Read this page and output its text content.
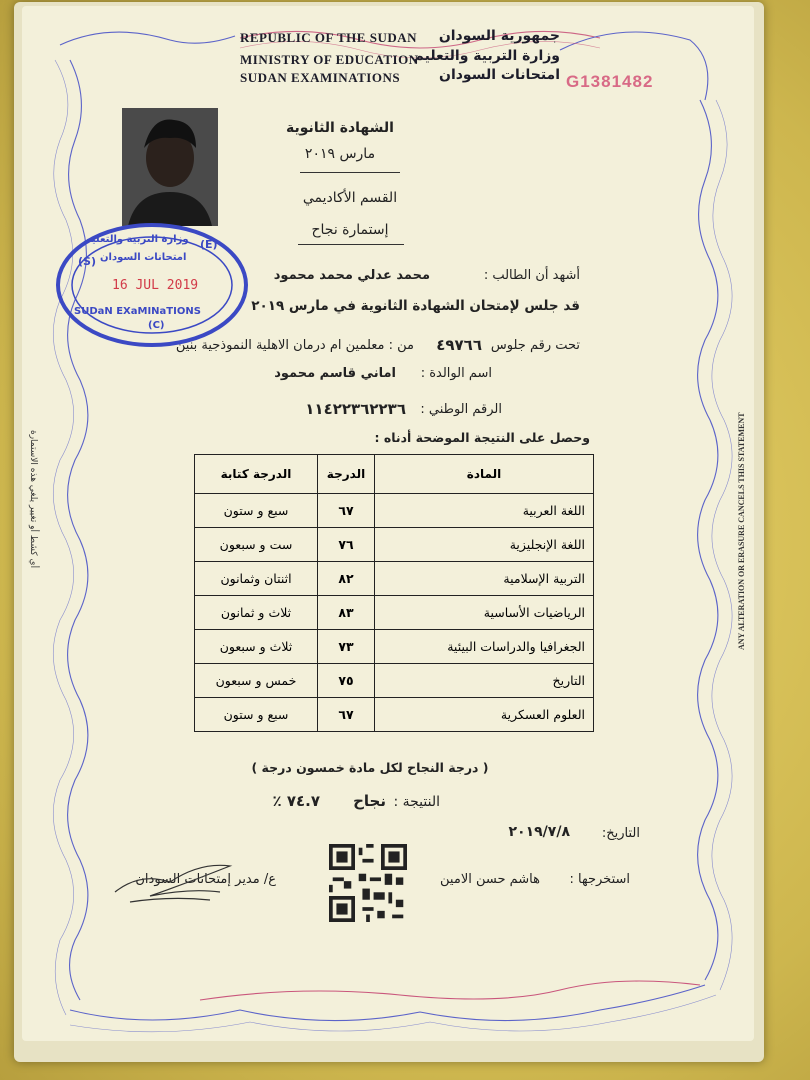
REPUBLIC OF THE SUDAN
MINISTRY OF EDUCATION
SUDAN EXAMINATIONS
جمهورية السودان
وزارة التربية والتعليم
امتحانات السودان G1381482
الشهادة الثانوية
مارس ٢٠١٩
القسم الأكاديمي
إستمارة نجاح
وزارة التربية والتعليم (E)
(S) امتحانات السودان
16 JUL 2019
SUDaN EXaMINaTIONS
(C)
أشهد أن الطالب :
محمد عدلي محمد محمود
قد جلس لإمتحان الشهادة الثانوية في مارس ٢٠١٩
تحت رقم جلوس
٤٩٧٦٦
من : معلمين ام درمان الاهلية النموذجية بنين
اسم الوالدة :
اماني قاسم محمود
الرقم الوطني :
١١٤٢٢٣٦٢٢٣٦
وحصل على النتيجة الموضحة أدناه :
المادة	الدرجة	الدرجة كتابة
اللغة العربية	٦٧	سبع و ستون
اللغة الإنجليزية	٧٦	ست و سبعون
التربية الإسلامية	٨٢	اثنتان وثمانون
الرياضيات الأساسية	٨٣	ثلاث و ثمانون
الجغرافيا والدراسات البيئية	٧٣	ثلاث و سبعون
التاريخ	٧٥	خمس و سبعون
العلوم العسكرية	٦٧	سبع و ستون
( درجة النجاح لكل مادة خمسون درجة )
النتيجة :
نجاح
٧٤.٧ ٪
التاريخ:
٢٠١٩/٧/٨
استخرجها :
هاشم حسن الامين
ع/ مدير إمتحانات السودان
ANY ALTERATION OR ERASURE CANCELS THIS STATEMENT
أي كشط أو تغيير يلغي هذه الاستمارة
